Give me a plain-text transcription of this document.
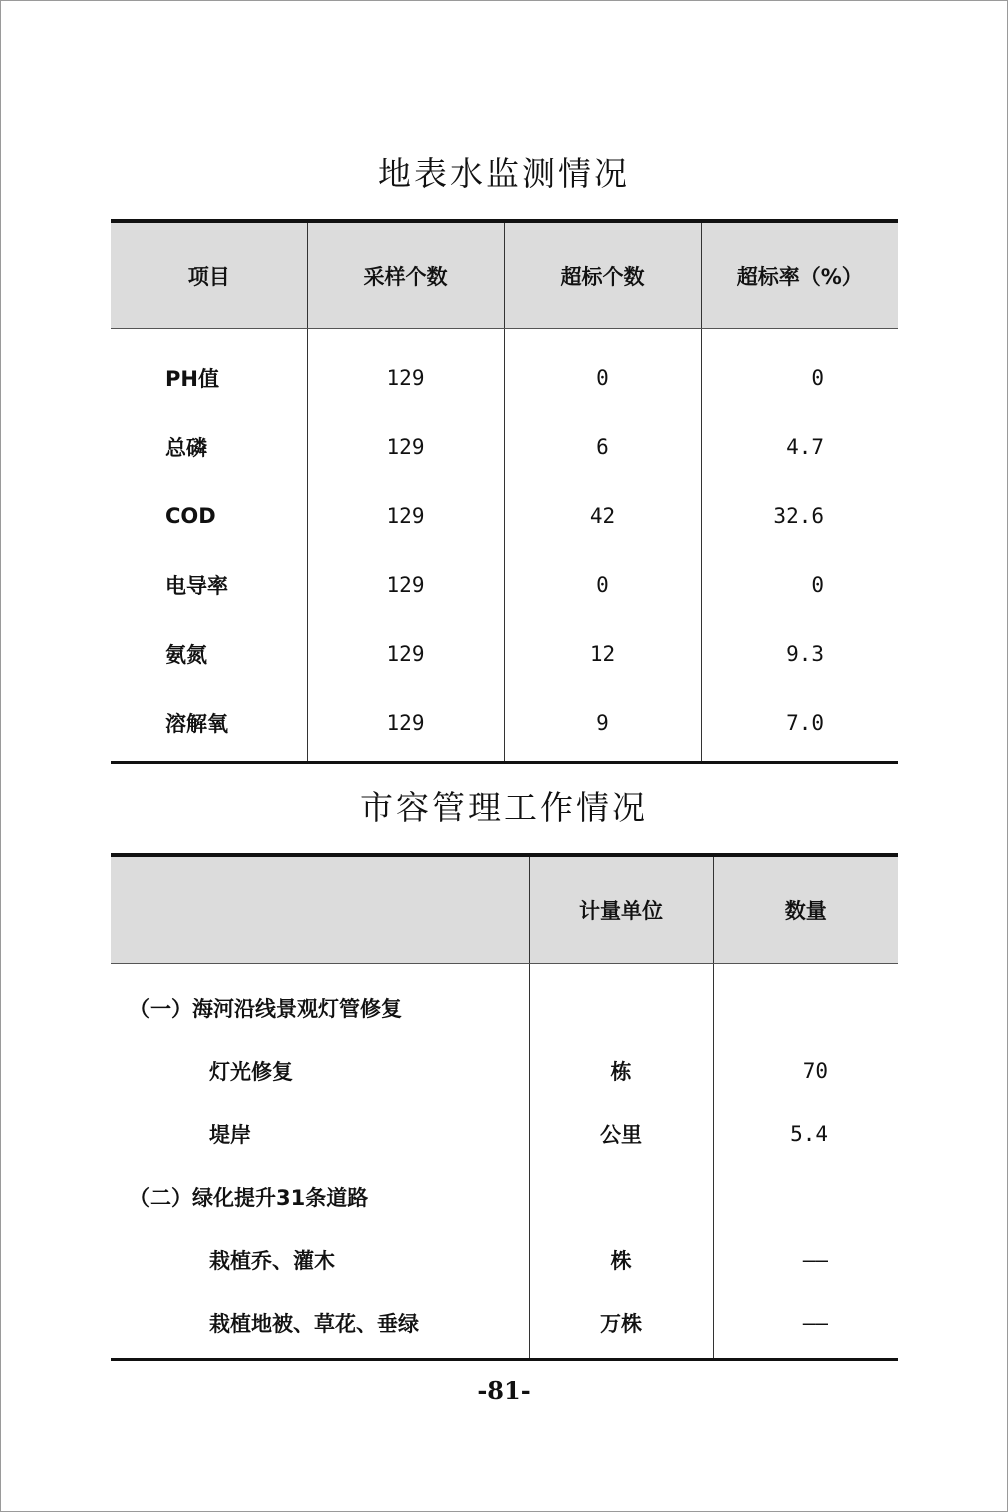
地表水监测情况
项目	采样个数	超标个数	超标率（%）
PH值	129	0	0
总磷	129	6	4.7
COD	129	42	32.6
电导率	129	0	0
氨氮	129	12	9.3
溶解氧	129	9	7.0
市容管理工作情况
	计量单位	数量
（一）海河沿线景观灯管修复		
灯光修复	栋	70
堤岸	公里	5.4
（二）绿化提升31条道路		
栽植乔、灌木	株	——
栽植地被、草花、垂绿	万株	——
-81-
